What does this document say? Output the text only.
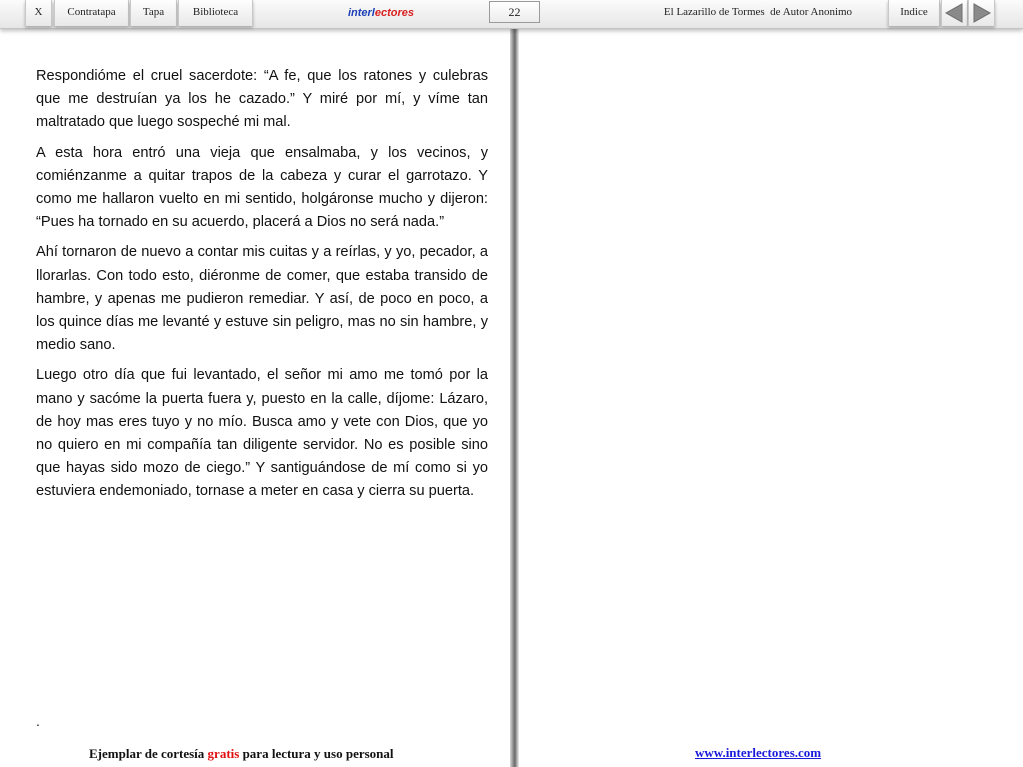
X	Contratapa	Tapa	Biblioteca	interlectores	22	El Lazarillo de Tormes  de Autor Anonimo	Indice

Respondióme el cruel sacerdote: “A fe, que los ratones y culebras que me destruían ya los he cazado.” Y miré por mí, y víme tan maltratado que luego sospeché mi mal.

A esta hora entró una vieja que ensalmaba, y los vecinos, y comiénzanme a quitar trapos de la cabeza y curar el garrotazo. Y como me hallaron vuelto en mi sentido, holgáronse mucho y dijeron: “Pues ha tornado en su acuerdo, placerá a Dios no será nada.”

Ahí tornaron de nuevo a contar mis cuitas y a reírlas, y yo, pecador, a llorarlas. Con todo esto, diéronme de comer, que estaba transido de hambre, y apenas me pudieron remediar. Y así, de poco en poco, a los quince días me levanté y estuve sin peligro, mas no sin hambre, y medio sano.

Luego otro día que fui levantado, el señor mi amo me tomó por la mano y sacóme la puerta fuera y, puesto en la calle, díjome: Lázaro, de hoy mas eres tuyo y no mío. Busca amo y vete con Dios, que yo no quiero en mi compañía tan diligente servidor. No es posible sino que hayas sido mozo de ciego.” Y santiguándose de mí como si yo estuviera endemoniado, tornase a meter en casa y cierra su puerta.

.
Ejemplar de cortesía gratis para lectura y uso personal	www.interlectores.com
